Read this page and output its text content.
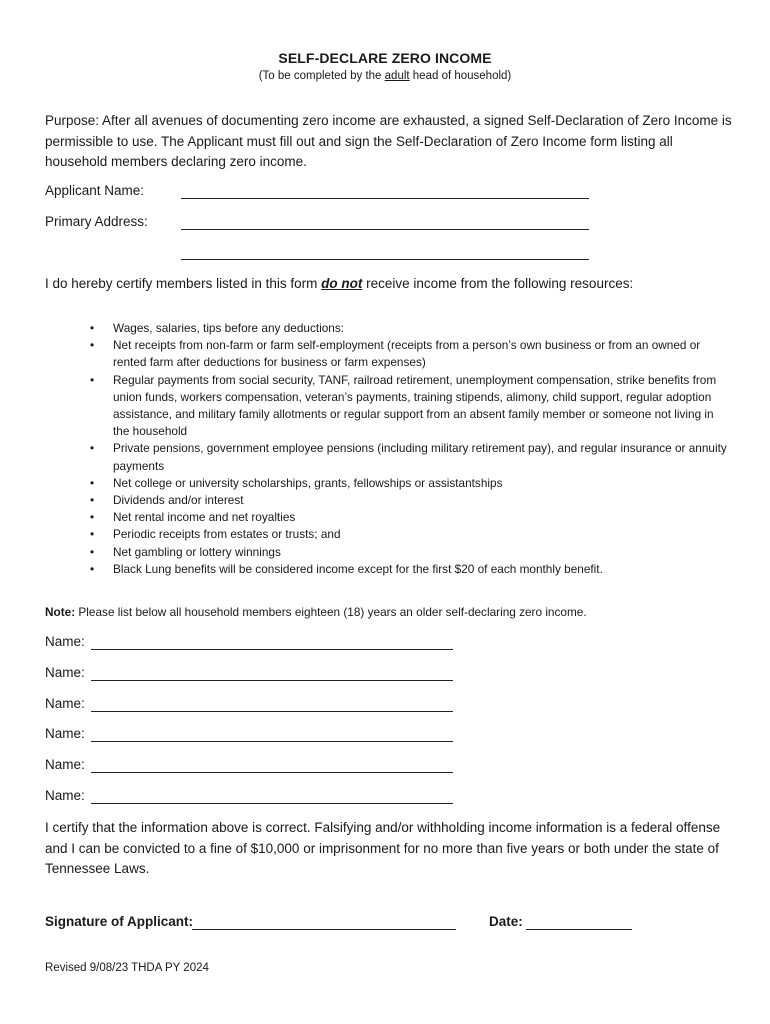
SELF-DECLARE ZERO INCOME
(To be completed by the adult head of household)
Purpose: After all avenues of documenting zero income are exhausted, a signed Self-Declaration of Zero Income is permissible to use. The Applicant must fill out and sign the Self-Declaration of Zero Income form listing all household members declaring zero income.
Applicant Name:
Primary Address:
I do hereby certify members listed in this form do not receive income from the following resources:
• Wages, salaries, tips before any deductions:
• Net receipts from non-farm or farm self-employment (receipts from a person’s own business or from an owned or rented farm after deductions for business or farm expenses)
• Regular payments from social security, TANF, railroad retirement, unemployment compensation, strike benefits from union funds, workers compensation, veteran’s payments, training stipends, alimony, child support, regular adoption assistance, and military family allotments or regular support from an absent family member or someone not living in the household
• Private pensions, government employee pensions (including military retirement pay), and regular insurance or annuity payments
• Net college or university scholarships, grants, fellowships or assistantships
• Dividends and/or interest
• Net rental income and net royalties
• Periodic receipts from estates or trusts; and
• Net gambling or lottery winnings
• Black Lung benefits will be considered income except for the first $20 of each monthly benefit.
Note: Please list below all household members eighteen (18) years an older self-declaring zero income.
Name:
Name:
Name:
Name:
Name:
Name:
I certify that the information above is correct. Falsifying and/or withholding income information is a federal offense and I can be convicted to a fine of $10,000 or imprisonment for no more than five years or both under the state of Tennessee Laws.
Signature of Applicant:	Date:
Revised 9/08/23 THDA PY 2024
